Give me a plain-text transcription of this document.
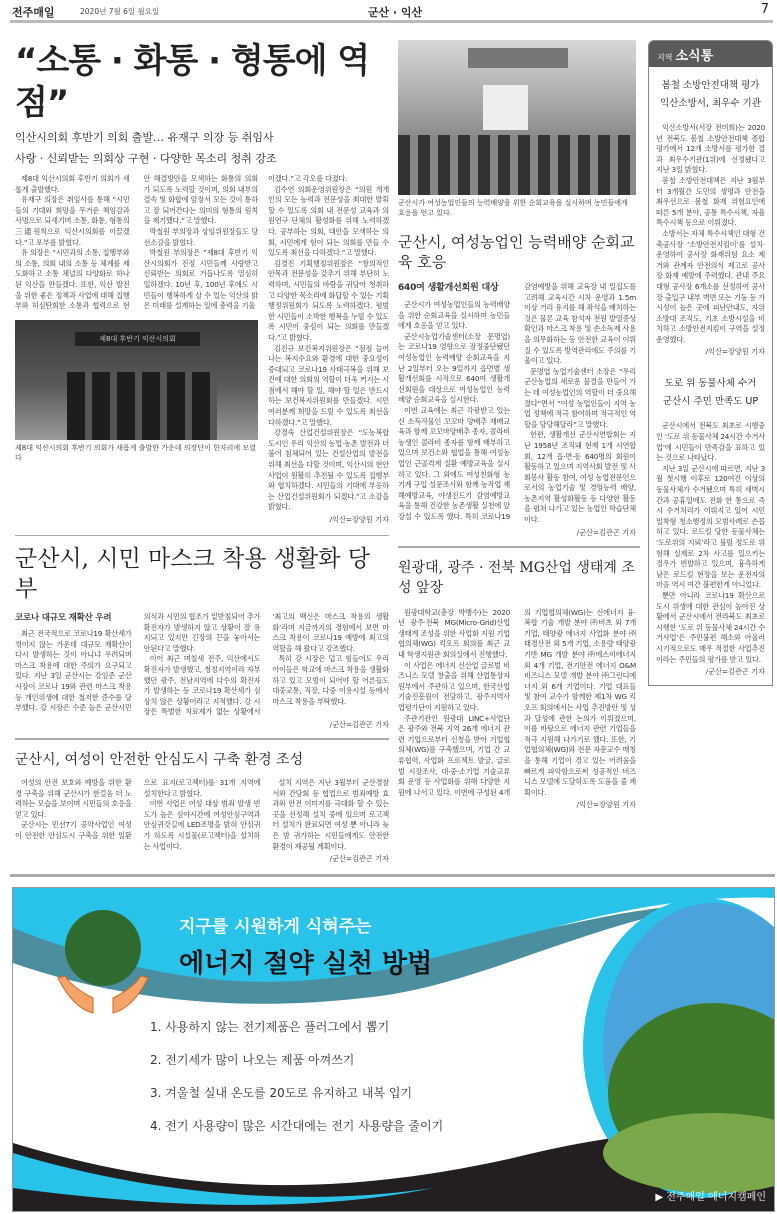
전주매일	2020년 7월 6일 월요일	군산 · 익산	7
“소통 · 화통 · 형통에 역점”
익산시의회 후반기 의회 출발… 유재구 의장 등 취임사
사랑 · 신뢰받는 의회상 구현 · 다양한 목소리 청취 강조

제8대 익산시의회 후반기 의회가 새롭게 출발했다.

유재구 의장은 취임사를 통해 “시민들의 기대와 희망을 무거운 책임감과 사명으로 되새기며 소통, 화통, 형통의 三通원칙으로 익산시의회를 이끌겠다.”고 포부를 밝혔다.

유 의장은 “시민과의 소통, 집행부와의 소통, 의회 내의 소통 등 체계를 제도화하고 소통 채널의 다양화로 하나된 익산을 만들겠다. 또한, 익산 발전을 위한 좋은 정책과 사업에 대해 집행부와 허심탄회한 소통과 협력으로 현안 해결방안을 모색하는 화통의 의회가 되도록 노력할 것이며, 의회 내부의 결속 및 화합에 앞장서 모든 것이 통하고 잘 되어간다는 의미의 형통의 원칙을 제기했다.”고 말했다.

박철원 부의장과 상임위원장들도 당선소감을 밝혔다.

박철원 부의장은 “제8대 후반기 익산시의회가 진정 시민들께 사랑받고 신뢰받는 의회로 거듭나도록 열심히 일하겠다. 10년 후, 100년 후에도 시민들이 행복하게 살 수 있는 익산의 밝은 미래를 설계하는 일에 총력을 기울

제8대 후반기 익산시의회
제8대 익산시의회 후반기 의회가 새롭게 출발한 가운데 의장단이 한자리에 모였다

이겠다.”고 각오를 다졌다.

김수연 의회운영위원장은 “의원 개개인의 모든 능력과 전문성을 최대한 발휘할 수 있도록 의회 내 전문성 교육과 의원연구 단체의 활성화를 위해 노력하겠다. 공부하는 의회, 대안을 모색하는 의회, 시민에게 힘이 되는 의회를 만들 수 있도록 최선을 다하겠다.”고 말했다.

김경진 기획행정위원장은 “창의적인 안목과 전문성을 갖추기 위해 부단히 노력하며, 시민들의 바람을 귀담아 청취하고 다양한 목소리에 화답할 수 있는 기획행정위원회가 되도록 노력하겠다. 평범한 시민들이 소박한 행복을 누릴 수 있도록 시민이 중심이 되는 의회를 만들겠다.”고 밝혔다.

김진규 보건복지위원장은 “점점 늘어나는 복지수요와 환경에 대한 중요성이 증대되고 코로나19 사태극복을 위해 보건에 대한 의회의 역할이 더욱 커지는 시점에서 해야 할 일, 해야 할 일은 반드시 하는 보건복지위원회를 만들겠다. 시민 여러분께 희망을 드릴 수 있도록 최선을 다하겠다.”고 말했다.

강경숙 산업건설위원장은 “도농복합도시인 우리 익산의 농업·농촌 발전과 더불어 침체되어 있는 건설산업의 발전을 위해 최선을 다할 것이며, 익산시의 현안사업이 원활히 추진될 수 있도록 집행부와 협치하겠다. 시민들의 기대에 부응하는 산업건설위원회가 되겠다.”고 소감을 밝혔다.

/익산=장양원 기자
군산시, 시민 마스크 착용 생활화 당부

코로나 대규모 재확산 우려

최근 전국적으로 코로나19 확산세가 꺾이지 않는 가운데 대규모 재확산이 다시 발생하는 것이 아니냐 우려되며 마스크 착용에 대한 주의가 요구되고 있다. 지난 3일 군산시는 강임준 군산시장이 코로나 19와 관련 마스크 착용 등 개인위생에 대한 철저한 준수를 당부했다. 강 시장은 수준 높은 군산시민 의식과 시민의 협조가 밑받침되어 추가 확진자가 발생하지 않고 상황이 잘 유지되고 있지만 긴장의 끈을 놓아서는 안된다고 말했다.

이어 최근 며칠새 전주, 익산에서도 확진자가 발생했고, 청정지역이라 자부했던 광주, 전남지역에 다수의 확진자가 발생하는 등 코로나19 확산세가 심상치 않은 상황이라고 지적했다. 강 시장은 특별한 치료제가 없는 상황에서 ‘최고의 백신은 마스크 착용의 생활화’라며 지금까지의 경험에서 보면 마스크 착용이 코로나19 예방에 최고의 역할을 해 왔다고 강조했다.

특히 강 시장은 덥고 힘들어도 우리 아이들은 학교에 마스크 착용을 생활화하고 있고 모범이 되어야 할 어른들도 대중교통, 직장, 다중 이용시설 등에서 마스크 착용을 부탁했다.

/군산=김관곤 기자
군산시, 여성이 안전한 안심도시 구축 환경 조성

여성의 안전 보호와 예방을 위한 환경 구축을 위해 군산시가 한걸음 더 노력하는 모습을 보이며 시민들의 호응을 얻고 있다.

군산시는 민선7기 공약사업인 여성이 안전한 안심도시 구축을 위한 일환으로 표지(로고젝터)를 31개 지역에 설치한다고 밝혔다.

이번 사업은 여성 대상 범죄 발생 빈도가 높은 심야시간에 여성안심구역과 안심귀갓길에 LED조명을 밝혀 안심귀가 하도록 시설물(로고젝터)을 설치하는 사업이다.

설치 지역은 지난 3월부터 군산경찰서와 간담회 등 협업으로 범죄예방 효과와 안전 이미지를 극대화 할 수 있는 곳을 선정해 설치 중에 있으며 로고젝터 설치가 완료되면 여성 뿐 아니라 늦은 밤 귀가하는 시민들에게도 안전한 환경이 제공될 계획이다.

/군산=김관곤 기자
군산시가 여성농업인들의 능력배양을 위한 순회교육을 실시하며 농민들에게 호응을 얻고 있다.
군산시, 여성농업인 능력배양 순회교육 호응

640여 생활개선회원 대상

군산시가 여성농업인들의 능력배양을 위한 순회교육을 실시하며 농민들에게 호응을 얻고 있다.

군산시농업기술센터(소장 문명엽)는 코로나19 영향으로 잠정중단됐던 여성농업인 능력배양 순회교육을 지난 2일부터 오는 9일까지 읍면별 생활개선회를 시작으로 640여 생활개선회원을 대상으로 여성농업인 능력배양 순회교육을 실시한다.

이번 교육에는 최근 각광받고 있는 신 소득작물인 꼬꼬마 양배추 재배교육과 함께 꼬꼬마양배추 종자, 콜라비 농생인 콜라비 종자를 함께 배부하고 있으며 보건소와 협업을 통해 여성농업인 근골격계 질환 예방교육을 실시하고 있다. 그 외에도 여성친화형 농기계 구입 설문조사와 함께 농작업 재해예방교육, 야생진드기 감염예방교육을 통해 건강한 농촌생활 실천에 앞장설 수 있도록 했다. 특히 코로나19 감염예방을 위해 교육장 내 밀집도를 고려해 교육시간 시차 운영과 1.5m 이상 거리 유지를 해 좌석을 배치하는 것은 물론 교육 참석자 전원 발열증상 확인과 마스크 착용 및 손소독제 사용을 의무화하는 등 안전한 교육이 이뤄질 수 있도록 방역관리에도 주의를 기울이고 있다.

문명엽 농업기술센터 소장은 “우리 군산농업의 새로운 물결을 만들어 가는 데 여성농업인의 역할이 더 중요해졌다”면서 “여성 농업인들이 지역 농업 정책에 적극 참여하며 적극적인 역할을 담당해달라”고 말했다.

한편, 생활개선 군산시연합회는 지난 1958년 조직돼 현재 1개 시연합회, 12개 읍·면·동 640명의 회원이 활동하고 있으며 지역사회 발전 및 사회봉사 활동 참여, 여성 농업전문인으로서의 농업기술 및 경영능력 배양, 농촌지역 활성화활동 등 다양한 활동을 펼쳐 나가고 있는 농업인 학습단체이다.

/군산=김관곤 기자
원광대, 광주 · 전북 MG산업 생태계 조성 앞장

원광대학교(총장 박맹수)는 2020년 광주·전북 MG(Micro-Grid)산업 생태계 조성을 위한 사업화 지원 기업협의체(WG) 킥오프 회의를 최근 교내 학생지원관 회의실에서 진행했다.

이 사업은 에너지 신산업 글로벌 비즈니스 모델 창출을 위해 산업통상자원부에서 주관하고 있으며, 한국산업기술진흥원이 전담하고, 광주지역사업평가단이 지원하고 있다.

주관기관인 원광대 LINC+사업단은 광주와 전북 지역 26개 에너지 관련 기업으로부터 신청을 받아 기업협의체(WG)를 구축했으며, 기업 간 교류협력, 사업화 프로젝트 발굴, 글로벌 시장조사, 대·중·소기업 기술교류회 운영 등 사업화를 위해 다양한 지원에 나서고 있다. 이번에 구성된 4개의 기업협의체(WG)는 신에너지 융·복합 기술 개발 분야 ㈜비츠 외 7개 기업, 태양광 에너지 사업화 분야 ㈜태경산전 외 5개 기업, 소용량 태양광 기반 MG 개발 분야 ㈜에스이에너지 외 4개 기업, 전기안전 에너지 O&M 비즈니스 모델 개발 분야 ㈜그린디에너지 외 6개 기업이다. 기업 대표들 및 참여 교수가 함께한 제1차 WG 킥오프 회의에서는 사업 추진방안 및 성과 달성에 관한 논의가 이뤄졌으며, 이를 바탕으로 에너지 관련 기업들을 적극 지원해 나가기로 했다. 또한, 기업협의체(WG)와 전문 자문교수 매칭을 통해 기업이 겪고 있는 어려움을 빠르게 파악함으로써 성공적인 비즈니스 모델에 도달하도록 도움을 줄 계획이다.

/익산=장양원 기자
지역 소식통
봄철 소방안전대책 평가
익산소방서, 최우수 기관

익산소방서(서장 전미희)는 2020년 전북도 봄철 소방안전대책 종합평가에서 12개 소방서를 평가한 결과 최우수기관(1위)에 선정됐다고 지난 3일 밝혔다.

봄철 소방안전대책은 지난 3월부터 3개월간 도민의 생명과 안전을 최우선으로 봄철 화재 위험요인에 따른 5개 분야, 공통 특수시책, 자율 특수시책 등으로 이뤄졌다.

소방서는 자체 특수시책인 대형 건축공사장 ‘소방안전지킴이’를 설치·운영하여 공사장 화재위험 요소 제거와 관계자 안전의식 제고로 공사장 화재 예방에 주력했다. 관내 주요 대형 공사장 6개소를 선정하여 공사장 출입구 내부 벽면 또는 기둥 등 가시성이 높은 곳에 피난안내도, 자위소방대 조직도, 기초 소방시설을 비치하고 소방안전지킴이 구역을 설정 운영했다.

/익산=장양원 기자
도로 위 동물사체 수거
군산시 주민 만족도 UP

군산시에서 전북도 최초로 시행중인 ‘도로 위 동물사체 24시간 수거사업’에 시민들이 만족감을 표하고 있는 것으로 나타났다.

지난 3일 군산시에 따르면, 지난 3월 첫시행 이후로 120여건 이상의 동물사체가 수거됐으며 특히 새벽시간과 공휴일에도 전화 한 통으로 즉시 수거처리가 이뤄지고 있어 시민 밀착형 청소행정의 모범사례로 손꼽히고 있다. 로드킬 당한 동물사체는 ‘도로위의 지뢰’라고 불릴 정도로 위험해 실제로 2차 사고를 일으키는 경우가 빈발하고 있으며, 흉측하게 남은 로드킬 현장을 보는 운전자의 마음 역시 여간 불편한게 아니었다.

뿐만 아니라 코로나19 확산으로 도시 위생에 대한 관심이 높아진 상황에서 군산시에서 전라북도 최초로 시행한 ‘도로 위 동물사체 24시간 수거사업’은 주민불편 해소와 아울러 시기적으로도 매우 적절한 사업추진이라는 주민들의 평가를 받고 있다.

/군산=김관곤 기자
지구를 시원하게 식혀주는
에너지 절약 실천 방법
1. 사용하지 않는 전기제품은 플러그에서 뽑기
2. 전기세가 많이 나오는 제품 아껴쓰기
3. 겨울철 실내 온도를 20도로 유지하고 내복 입기
4. 전기 사용량이 많은 시간대에는 전기 사용량을 줄이기
▶ 전주매일 에너지캠페인
